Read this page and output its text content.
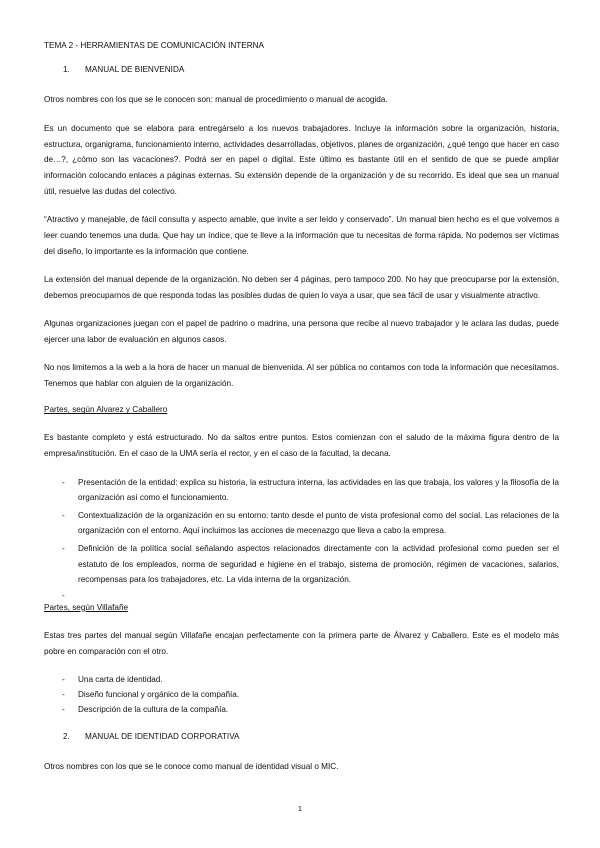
TEMA 2 - HERRAMIENTAS DE COMUNICACIÓN INTERNA
1.	MANUAL DE BIENVENIDA

Otros nombres con los que se le conocen son: manual de procedimiento o manual de acogida.

Es un documento que se elabora para entregárselo a los nuevos trabajadores. Incluye la información sobre la organización, historia, estructura, organigrama, funcionamiento interno, actividades desarrolladas, objetivos, planes de organización, ¿qué tengo que hacer en caso de…?, ¿cómo son las vacaciones?. Podrá ser en papel o digital. Este último es bastante útil en el sentido de que se puede ampliar información colocando enlaces a páginas externas. Su extensión depende de la organización y de su recorrido. Es ideal que sea un manual útil, resuelve las dudas del colectivo.

“Atractivo y manejable, de fácil consulta y aspecto amable, que invite a ser leído y conservado”. Un manual bien hecho es el que volvemos a leer cuando tenemos una duda. Que hay un índice, que te lleve a la información que tu necesitas de forma rápida. No podemos ser víctimas del diseño, lo importante es la información que contiene.

La extensión del manual depende de la organización. No deben ser 4 páginas, pero tampoco 200. No hay que preocuparse por la extensión, debemos preocuparnos de que responda todas las posibles dudas de quien lo vaya a usar, que sea fácil de usar y visualmente atractivo.

Algunas organizaciones juegan con el papel de padrino o madrina, una persona que recibe al nuevo trabajador y le aclara las dudas, puede ejercer una labor de evaluación en algunos casos.

No nos limitemos a la web a la hora de hacer un manual de bienvenida. Al ser pública no contamos con toda la información que necesitamos. Tenemos que hablar con alguien de la organización.

Partes, según Alvarez y Caballero

Es bastante completo y está estructurado. No da saltos entre puntos. Estos comienzan con el saludo de la máxima figura dentro de la empresa/institución. En el caso de la UMA sería el rector, y en el caso de la facultad, la decana.

-	Presentación de la entidad: explica su historia, la estructura interna, las actividades en las que trabaja, los valores y la filosofía de la organización así como el funcionamiento.
-	Contextualización de la organización en su entorno: tanto desde el punto de vista profesional como del social. Las relaciones de la organización con el entorno. Aquí incluimos las acciones de mecenazgo que lleva a cabo la empresa.
-	Definición de la política social señalando aspectos relacionados directamente con la actividad profesional como pueden ser el estatuto de los empleados, norma de seguridad e higiene en el trabajo, sistema de promoción, régimen de vacaciones, salarios, recompensas para los trabajadores, etc. La vida interna de la organización.
-
Partes, según Villafañe

Estas tres partes del manual según Villafañe encajan perfectamente con la primera parte de Álvarez y Caballero. Este es el modelo más pobre en comparación con el otro.

-	Una carta de identidad.
-	Diseño funcional y orgánico de la compañía.
-	Descripción de la cultura de la compañía.
2.	MANUAL DE IDENTIDAD CORPORATIVA

Otros nombres con los que se le conoce como manual de identidad visual o MIC.

1
